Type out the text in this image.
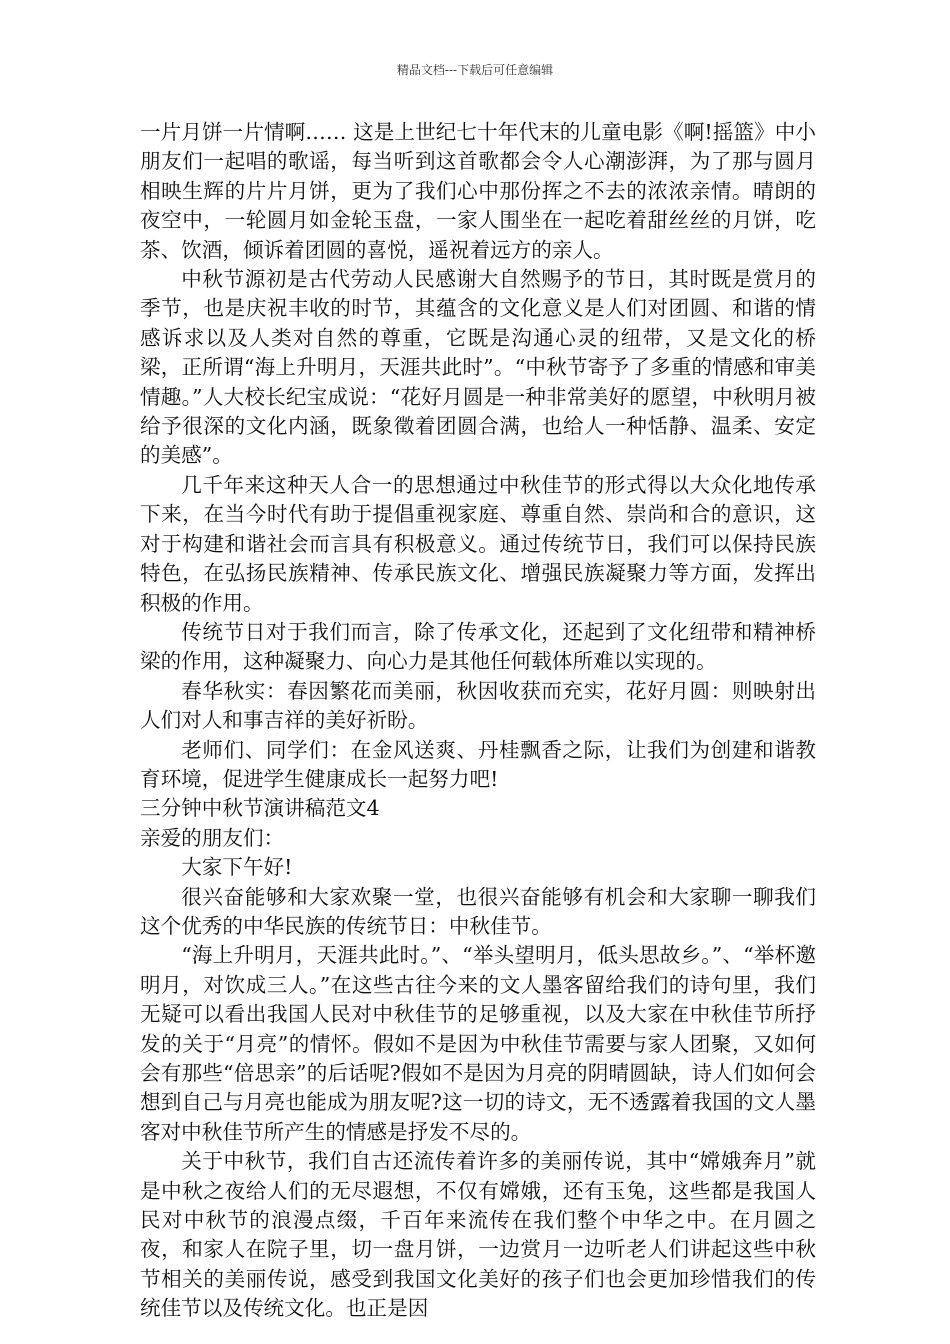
精品文档---下载后可任意编辑

一片月饼一片情啊…… 这是上世纪七十年代末的儿童电影《啊!摇篮》中小朋友们一起唱的歌谣，每当听到这首歌都会令人心潮澎湃，为了那与圆月相映生辉的片片月饼，更为了我们心中那份挥之不去的浓浓亲情。晴朗的夜空中，一轮圆月如金轮玉盘，一家人围坐在一起吃着甜丝丝的月饼，吃茶、饮酒，倾诉着团圆的喜悦，遥祝着远方的亲人。

中秋节源初是古代劳动人民感谢大自然赐予的节日，其时既是赏月的季节，也是庆祝丰收的时节，其蕴含的文化意义是人们对团圆、和谐的情感诉求以及人类对自然的尊重，它既是沟通心灵的纽带，又是文化的桥梁，正所谓“海上升明月，天涯共此时”。“中秋节寄予了多重的情感和审美情趣。”人大校长纪宝成说：“花好月圆是一种非常美好的愿望，中秋明月被给予很深的文化内涵，既象徵着团圆合满，也给人一种恬静、温柔、安定的美感”。

几千年来这种天人合一的思想通过中秋佳节的形式得以大众化地传承下来，在当今时代有助于提倡重视家庭、尊重自然、崇尚和合的意识，这对于构建和谐社会而言具有积极意义。通过传统节日，我们可以保持民族特色，在弘扬民族精神、传承民族文化、增强民族凝聚力等方面，发挥出积极的作用。

传统节日对于我们而言，除了传承文化，还起到了文化纽带和精神桥梁的作用，这种凝聚力、向心力是其他任何载体所难以实现的。

春华秋实：春因繁花而美丽，秋因收获而充实，花好月圆：则映射出人们对人和事吉祥的美好祈盼。

老师们、同学们：在金风送爽、丹桂飘香之际，让我们为创建和谐教育环境，促进学生健康成长一起努力吧!

三分钟中秋节演讲稿范文4

亲爱的朋友们：

大家下午好!

很兴奋能够和大家欢聚一堂，也很兴奋能够有机会和大家聊一聊我们这个优秀的中华民族的传统节日：中秋佳节。

“海上升明月，天涯共此时。”、“举头望明月，低头思故乡。”、“举杯邀明月，对饮成三人。”在这些古往今来的文人墨客留给我们的诗句里，我们无疑可以看出我国人民对中秋佳节的足够重视，以及大家在中秋佳节所抒发的关于“月亮”的情怀。假如不是因为中秋佳节需要与家人团聚，又如何会有那些“倍思亲”的后话呢?假如不是因为月亮的阴晴圆缺，诗人们如何会想到自己与月亮也能成为朋友呢?这一切的诗文，无不透露着我国的文人墨客对中秋佳节所产生的情感是抒发不尽的。

关于中秋节，我们自古还流传着许多的美丽传说，其中“嫦娥奔月”就是中秋之夜给人们的无尽遐想，不仅有嫦娥，还有玉兔，这些都是我国人民对中秋节的浪漫点缀，千百年来流传在我们整个中华之中。在月圆之夜，和家人在院子里，切一盘月饼，一边赏月一边听老人们讲起这些中秋节相关的美丽传说，感受到我国文化美好的孩子们也会更加珍惜我们的传统佳节以及传统文化。也正是因
